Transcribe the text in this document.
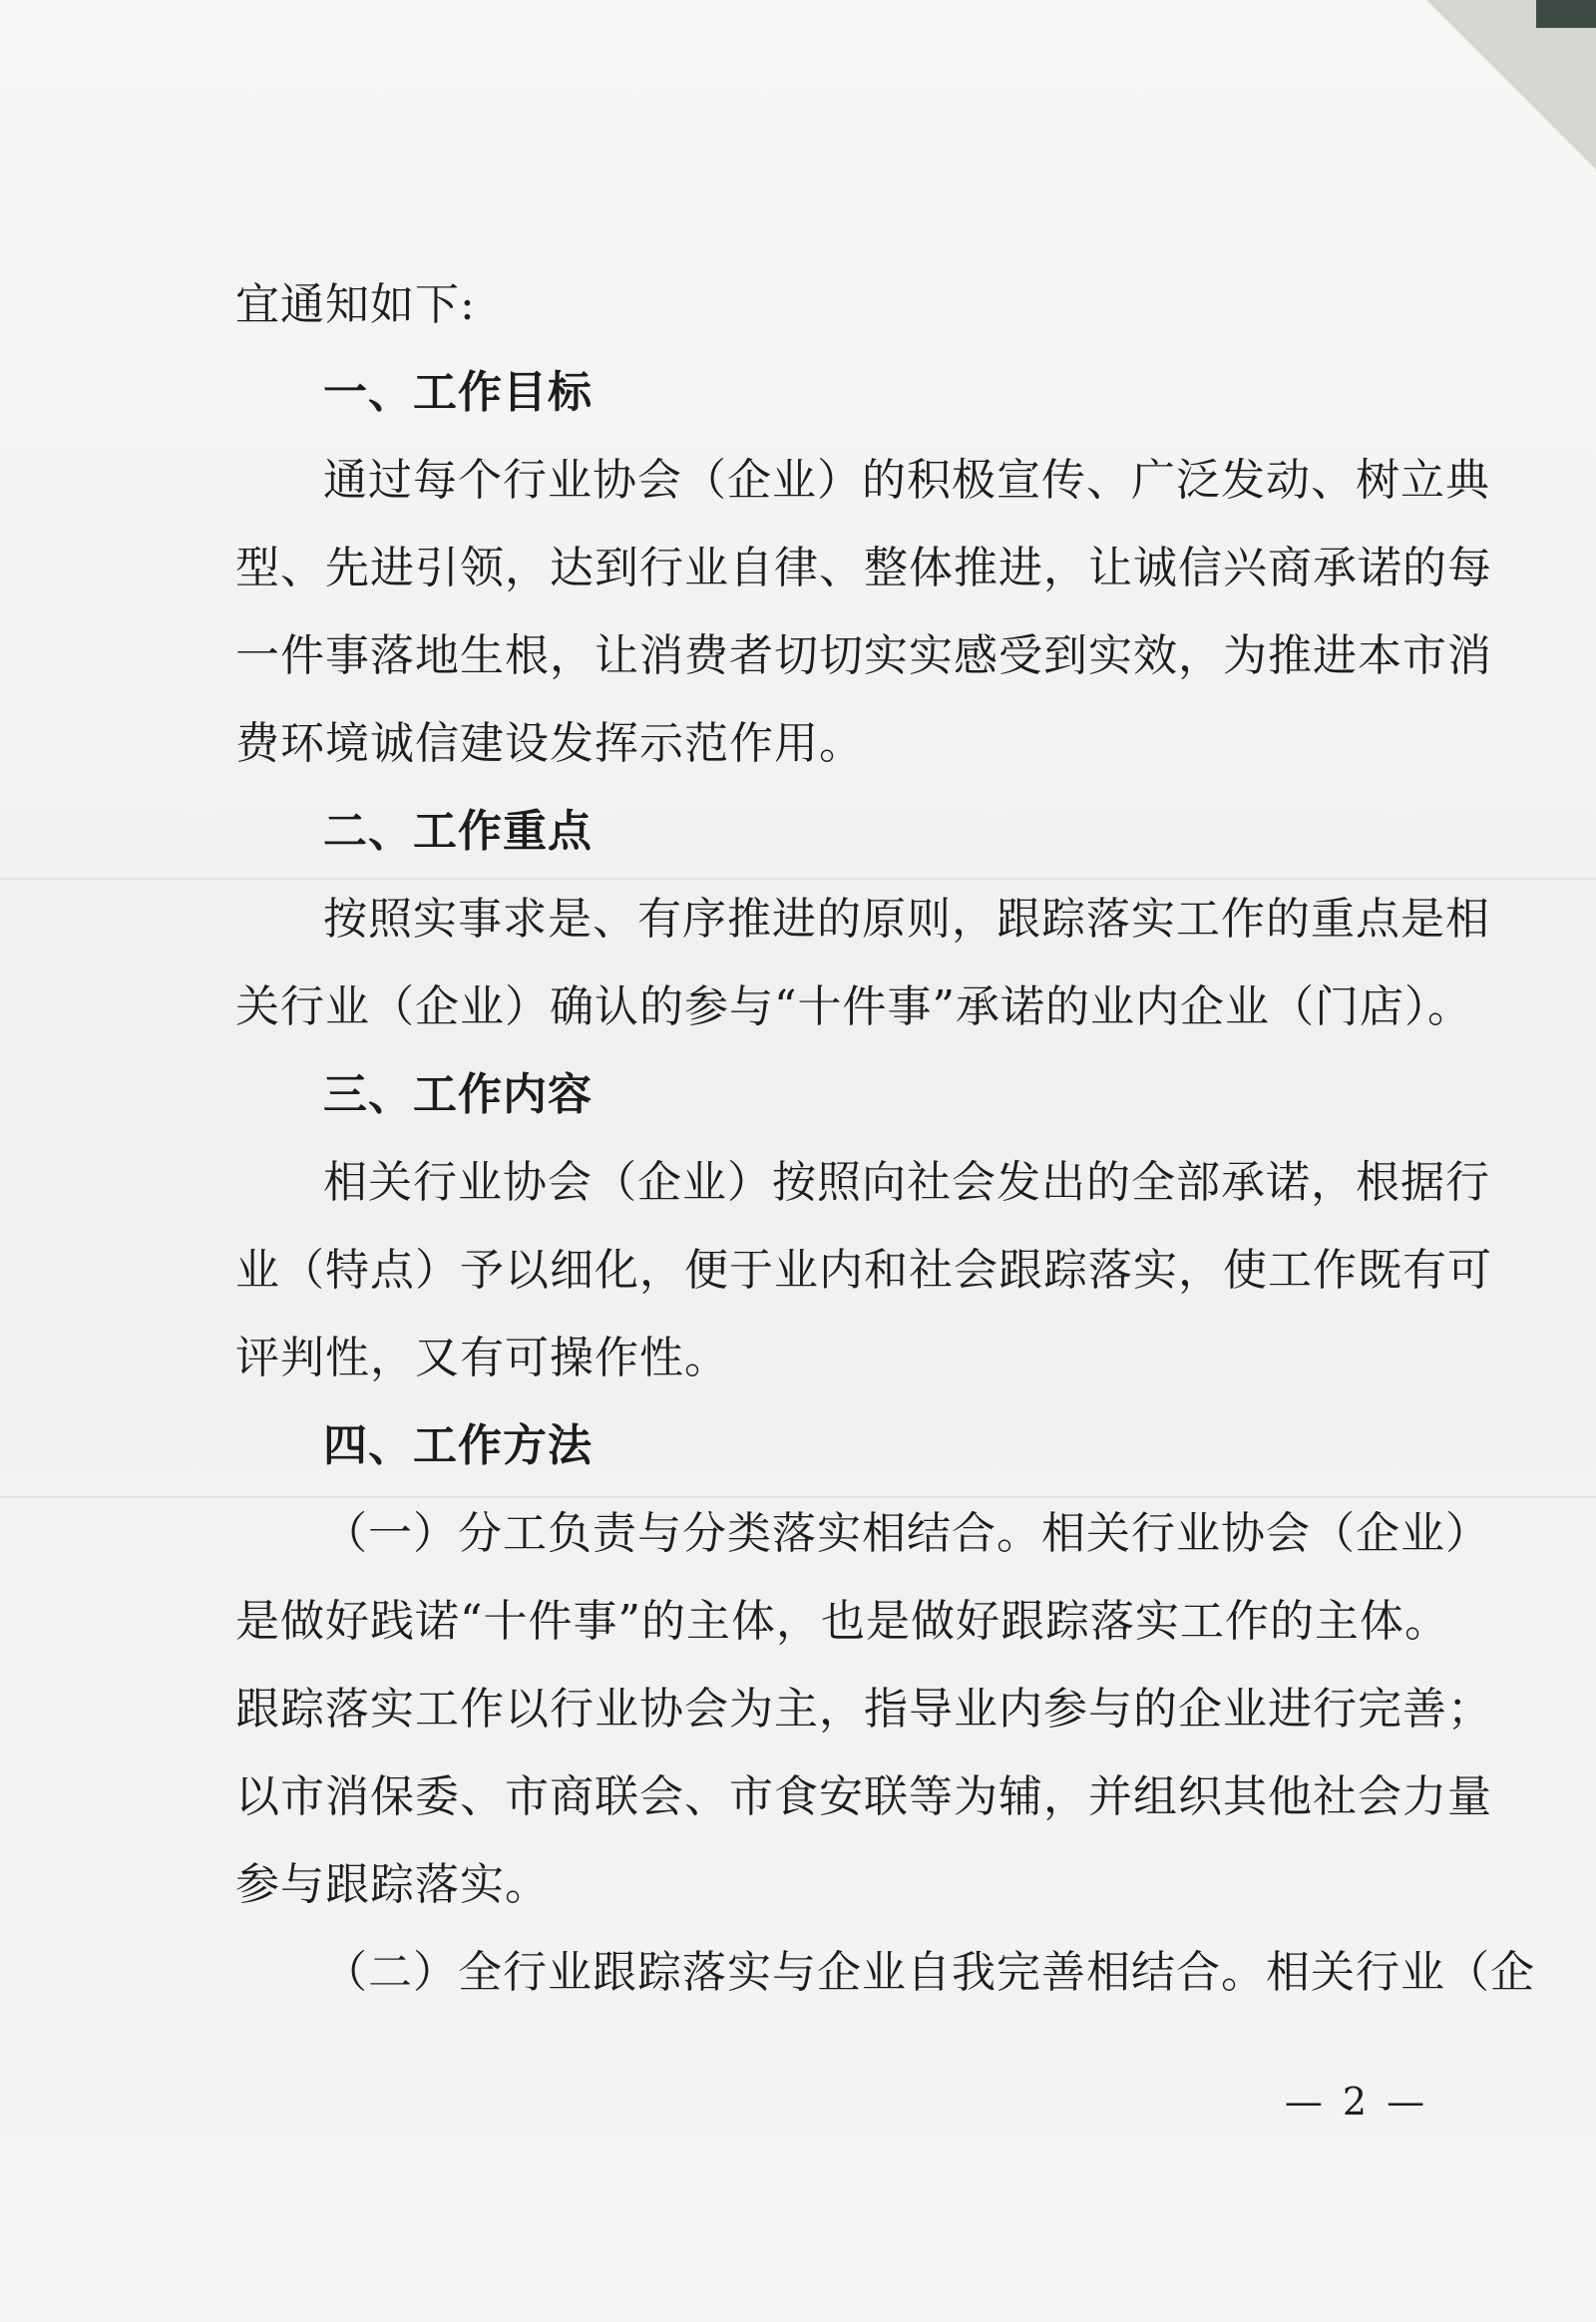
宜通知如下:
一、工作目标
通过每个行业协会（企业）的积极宣传、广泛发动、树立典
型、先进引领，达到行业自律、整体推进，让诚信兴商承诺的每
一件事落地生根，让消费者切切实实感受到实效，为推进本市消
费环境诚信建设发挥示范作用。
二、工作重点
按照实事求是、有序推进的原则，跟踪落实工作的重点是相
关行业（企业）确认的参与“十件事”承诺的业内企业（门店）。
三、工作内容
相关行业协会（企业）按照向社会发出的全部承诺，根据行
业（特点）予以细化，便于业内和社会跟踪落实，使工作既有可
评判性，又有可操作性。
四、工作方法
（一）分工负责与分类落实相结合。相关行业协会（企业）
是做好践诺“十件事”的主体，也是做好跟踪落实工作的主体。
跟踪落实工作以行业协会为主，指导业内参与的企业进行完善；
以市消保委、市商联会、市食安联等为辅，并组织其他社会力量
参与跟踪落实。
（二）全行业跟踪落实与企业自我完善相结合。相关行业（企
— 2 —
